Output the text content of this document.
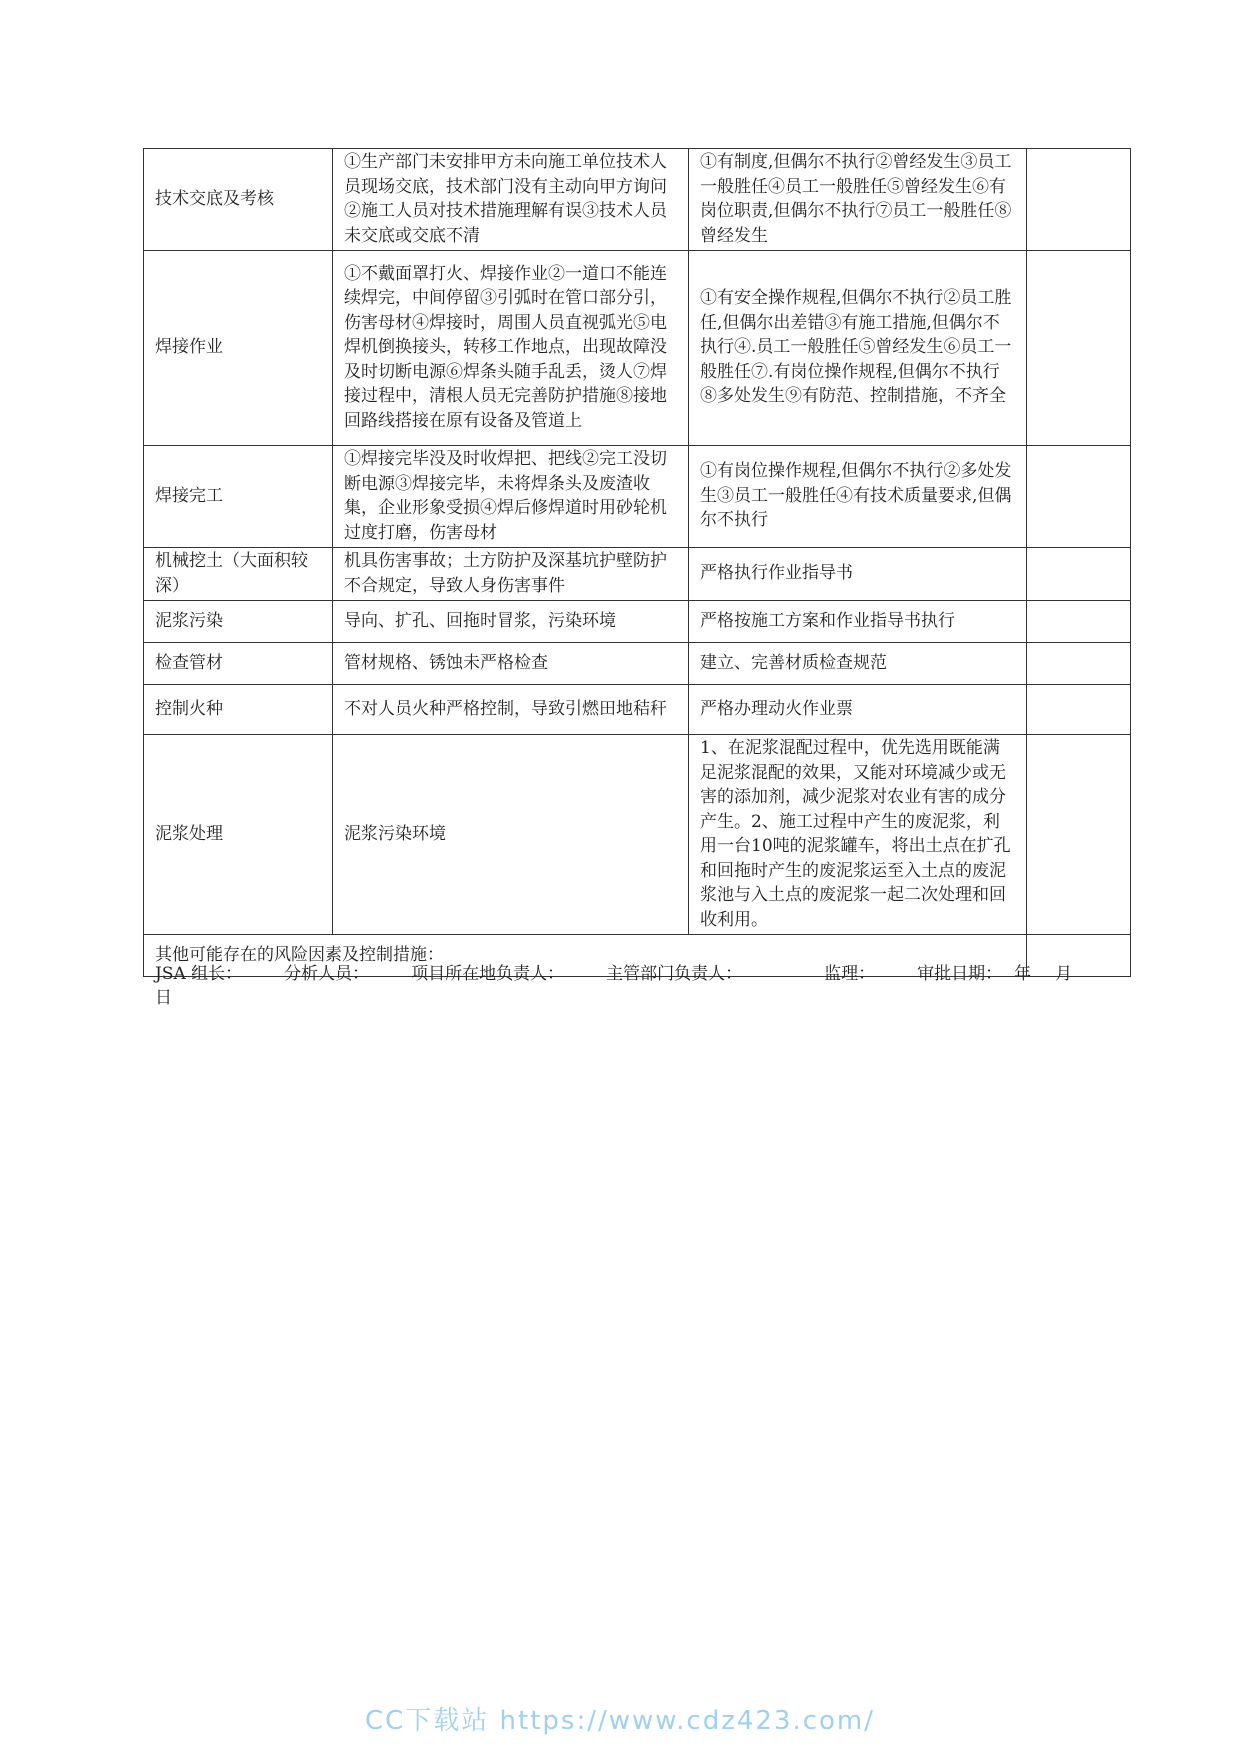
技术交底及考核	①生产部门未安排甲方未向施工单位技术人员现场交底，技术部门没有主动向甲方询问②施工人员对技术措施理解有误③技术人员未交底或交底不清	①有制度,但偶尔不执行②曾经发生③员工一般胜任④员工一般胜任⑤曾经发生⑥有岗位职责,但偶尔不执行⑦员工一般胜任⑧曾经发生	
焊接作业	①不戴面罩打火、焊接作业②一道口不能连续焊完，中间停留③引弧时在管口部分引，伤害母材④焊接时，周围人员直视弧光⑤电焊机倒换接头，转移工作地点，出现故障没及时切断电源⑥焊条头随手乱丢，烫人⑦焊接过程中，清根人员无完善防护措施⑧接地回路线搭接在原有设备及管道上	①有安全操作规程,但偶尔不执行②员工胜任,但偶尔出差错③有施工措施,但偶尔不执行④.员工一般胜任⑤曾经发生⑥员工一般胜任⑦.有岗位操作规程,但偶尔不执行⑧多处发生⑨有防范、控制措施，不齐全	
焊接完工	①焊接完毕没及时收焊把、把线②完工没切断电源③焊接完毕，未将焊条头及废渣收集，企业形象受损④焊后修焊道时用砂轮机过度打磨，伤害母材	①有岗位操作规程,但偶尔不执行②多处发生③员工一般胜任④有技术质量要求,但偶尔不执行	
机械挖土（大面积较深）	机具伤害事故；土方防护及深基坑护壁防护不合规定，导致人身伤害事件	严格执行作业指导书	
泥浆污染	导向、扩孔、回拖时冒浆，污染环境	严格按施工方案和作业指导书执行	
检查管材	管材规格、锈蚀未严格检查	建立、完善材质检查规范	
控制火种	不对人员火种严格控制，导致引燃田地秸秆	严格办理动火作业票	
泥浆处理	泥浆污染环境	1、在泥浆混配过程中，优先选用既能满足泥浆混配的效果，又能对环境减少或无害的添加剂，减少泥浆对农业有害的成分产生。2、施工过程中产生的废泥浆，利用一台10吨的泥浆罐车，将出土点在扩孔和回拖时产生的废泥浆运至入土点的废泥浆池与入土点的废泥浆一起二次处理和回收利用。	
其他可能存在的风险因素及控制措施：			
JSA 组长： 分析人员： 项目所在地负责人： 主管部门负责人：	监理： 审批日期： 年 月
日
CC下载站 https://www.cdz423.com/
